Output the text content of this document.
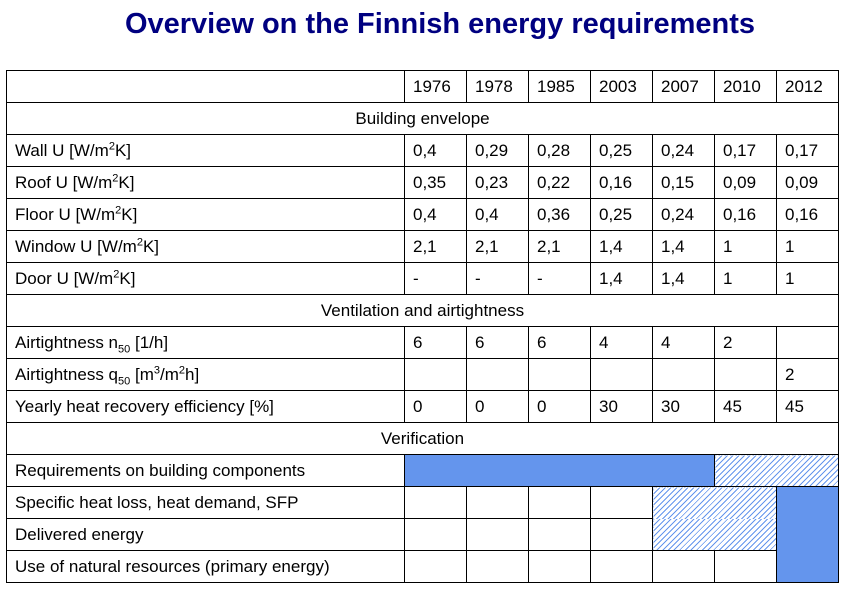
Overview on the Finnish energy requirements
	1976	1978	1985	2003	2007	2010	2012
Building envelope							
Wall U $[W/m^2K]$	0,4	0,29	0,28	0,25	0,24	0,17	0,17
Roof U $[W/m^2K]$	0,35	0,23	0,22	0,16	0,15	0,09	0,09
Floor U $[W/m^2K]$	0,4	0,4	0,36	0,25	0,24	0,16	0,16
Window U $[W/m^2K]$	2,1	2,1	2,1	1,4	1,4	1	1
Door U $[W/m^2K]$	-	-	-	1,4	1,4	1	1
Ventilation and airtightness							
Airtightness $n_{50}$ [1/h]	6	6	6	4	4	2	
Airtightness $q_{50}$ $[m^3/m^2h]$							2
Yearly heat recovery efficiency [%]	0	0	0	30	30	45	45
Verification							
Requirements on building components							
Specific heat loss, heat demand, SFP							
Delivered energy							
Use of natural resources (primary energy)							
